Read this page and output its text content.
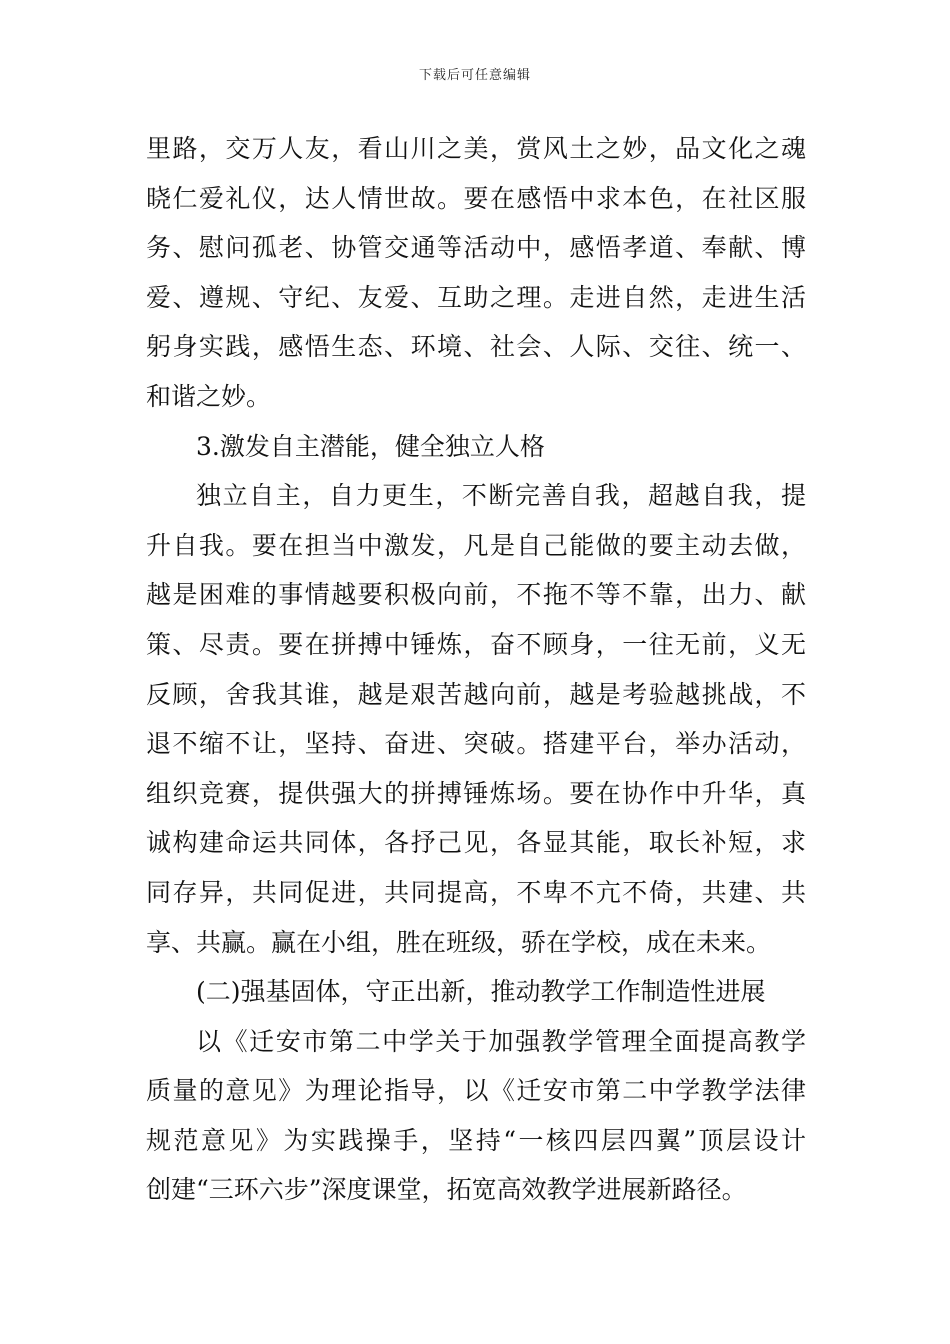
下载后可任意编辑
里路，交万人友，看山川之美，赏风土之妙，品文化之魂
晓仁爱礼仪，达人情世故。要在感悟中求本色，在社区服
务、慰问孤老、协管交通等活动中，感悟孝道、奉献、博
爱、遵规、守纪、友爱、互助之理。走进自然，走进生活
躬身实践，感悟生态、环境、社会、人际、交往、统一、
和谐之妙。
3.激发自主潜能，健全独立人格
独立自主，自力更生，不断完善自我，超越自我，提
升自我。要在担当中激发，凡是自己能做的要主动去做，
越是困难的事情越要积极向前，不拖不等不靠，出力、献
策、尽责。要在拼搏中锤炼，奋不顾身，一往无前，义无
反顾，舍我其谁，越是艰苦越向前，越是考验越挑战，不
退不缩不让，坚持、奋进、突破。搭建平台，举办活动，
组织竞赛，提供强大的拼搏锤炼场。要在协作中升华，真
诚构建命运共同体，各抒己见，各显其能，取长补短，求
同存异，共同促进，共同提高，不卑不亢不倚，共建、共
享、共赢。赢在小组，胜在班级，骄在学校，成在未来。
(二)强基固体，守正出新，推动教学工作制造性进展
以《迁安市第二中学关于加强教学管理全面提高教学
质量的意见》为理论指导，以《迁安市第二中学教学法律
规范意见》为实践操手，坚持“一核四层四翼”顶层设计
创建“三环六步”深度课堂，拓宽高效教学进展新路径。
